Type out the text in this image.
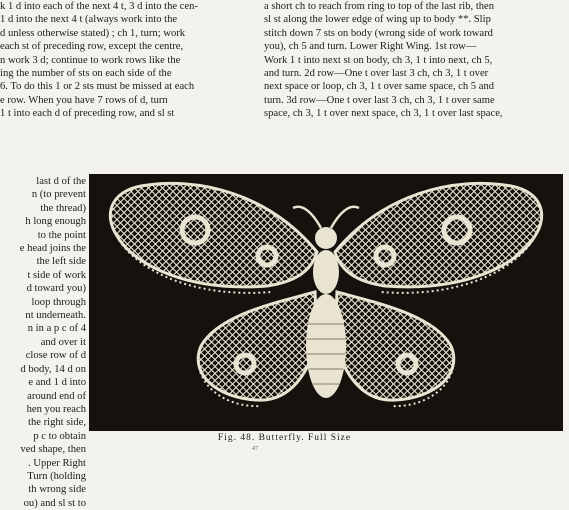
k 1 d into each of the next 4 t, 3 d into the cen-
1 d into the next 4 t (always work into the
d unless otherwise stated) ; ch 1, turn; work
each st of preceding row, except the centre,
n work 3 d; continue to work rows like the
ing the number of sts on each side of the
6. To do this 1 or 2 sts must be missed at each
e row. When you have 7 rows of d, turn
1 t into each d of preceding row, and sl st
a short ch to reach from ring to top of the last rib, then
sl st along the lower edge of wing up to body **. Slip
stitch down 7 sts on body (wrong side of work toward
you), ch 5 and turn. Lower Right Wing. 1st row—
Work 1 t into next st on body, ch 3, 1 t into next, ch 5,
and turn. 2d row—One t over last 3 ch, ch 3, 1 t over
next space or loop, ch 3, 1 t over same space, ch 5 and
turn. 3d row—One t over last 3 ch, ch 3, 1 t over same
space, ch 3, 1 t over next space, ch 3, 1 t over last space,
last d of the
n (to prevent
the thread)
h long enough
to the point
e head joins the
the left side
t side of work
d toward you)
loop through
nt underneath.
n in a p c of 4
and over it
close row of d
d body, 14 d on
e and 1 d into
around end of
hen you reach
the right side,
p c to obtain
ved shape, then
. Upper Right
Turn (holding
th wrong side
ou) and sl st to
Fig. 48. Butterfly. Full Size
47
